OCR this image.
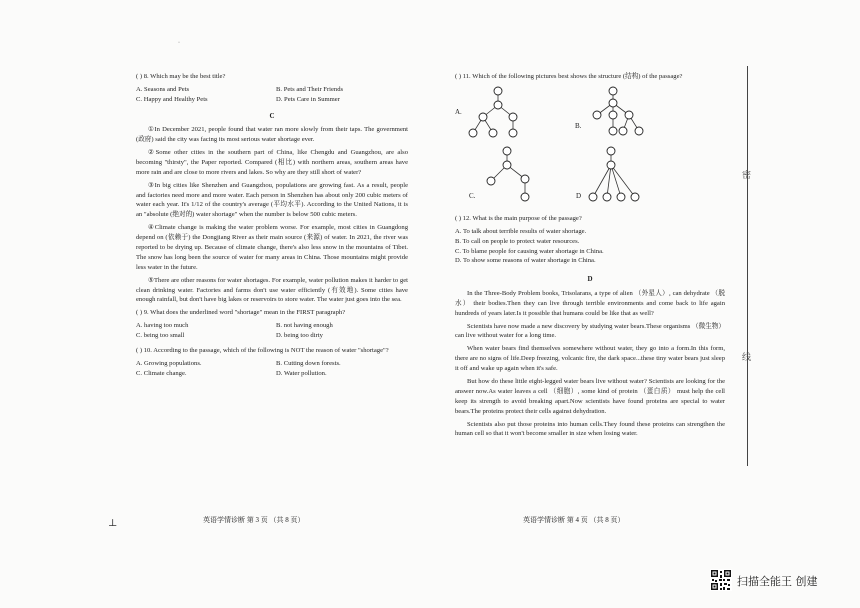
·

( ) 8. Which may be the best title?

A. Seasons and Pets	B. Pets and Their Friends
C. Happy and Healthy Pets	D. Pets Care in Summer
C

①In December 2021, people found that water ran more slowly from their taps. The government (政府) said the city was facing its most serious water shortage ever.

②Some other cities in the southern part of China, like Chengdu and Guangzhou, are also becoming "thirsty", the Paper reported. Compared (相比) with northern areas, southern areas have more rain and are close to more rivers and lakes. So why are they still short of water?

③In big cities like Shenzhen and Guangzhou, populations are growing fast. As a result, people and factories need more and more water. Each person in Shenzhen has about only 200 cubic meters of water each year. It's 1/12 of the country's average (平均水平). According to the United Nations, it is an "absolute (绝对的) water shortage" when the number is below 500 cubic meters.

④Climate change is making the water problem worse. For example, most cities in Guangdong depend on (依赖于) the Dongjiang River as their main source (来源) of water. In 2021, the river was reported to be drying up. Because of climate change, there's also less snow in the mountains of Tibet. The snow has long been the source of water for many areas in China. Those mountains might provide less water in the future.

⑤There are other reasons for water shortages. For example, water pollution makes it harder to get clean drinking water. Factories and farms don't use water efficiently (有效地). Some cities have enough rainfall, but don't have big lakes or reservoirs to store water. The water just goes into the sea.

( ) 9. What does the underlined word "shortage" mean in the FIRST paragraph?

A. having too much	B. not having enough
C. being too small	D. being too dirty

( ) 10. According to the passage, which of the following is NOT the reason of water "shortage"?

A. Growing populations.	B. Cutting down forests.
C. Climate change.	D. Water pollution.

( ) 11. Which of the following pictures best shows the structure (结构) of the passage?

A.
B.
C.	D

( ) 12. What is the main purpose of the passage?

A. To talk about terrible results of water shortage.
B. To call on people to protect water resources.
C. To blame people for causing water shortage in China.
D. To show some reasons of water shortage in China.
D

In the Three-Body Problem books, Trisolarans, a type of alien （外星人）, can dehydrate （脱水） their bodies.Then they can live through terrible environments and come back to life again hundreds of years later.Is it possible that humans could be like that as well?

Scientists have now made a new discovery by studying water bears.These organisms （微生物） can live without water for a long time.

When water bears find themselves somewhere without water, they go into a form.In this form, there are no signs of life.Deep freezing, volcanic fire, the dark space...these tiny water bears just sleep it off and wake up again when it's safe.

But how do these little eight-legged water bears live without water? Scientists are looking for the answer now.As water leaves a cell （细胞）, some kind of protein （蛋白质） must help the cell keep its strength to avoid breaking apart.Now scientists have found proteins are special to water bears.The proteins protect their cells against dehydration.

Scientists also put those proteins into human cells.They found these proteins can strengthen the human cell so that it won't become smaller in size when losing water.

英语学情诊断 第 3 页 （共 8 页）	英语学情诊断 第 4 页 （共 8 页）
密
线
⊥
扫描全能王 创建
